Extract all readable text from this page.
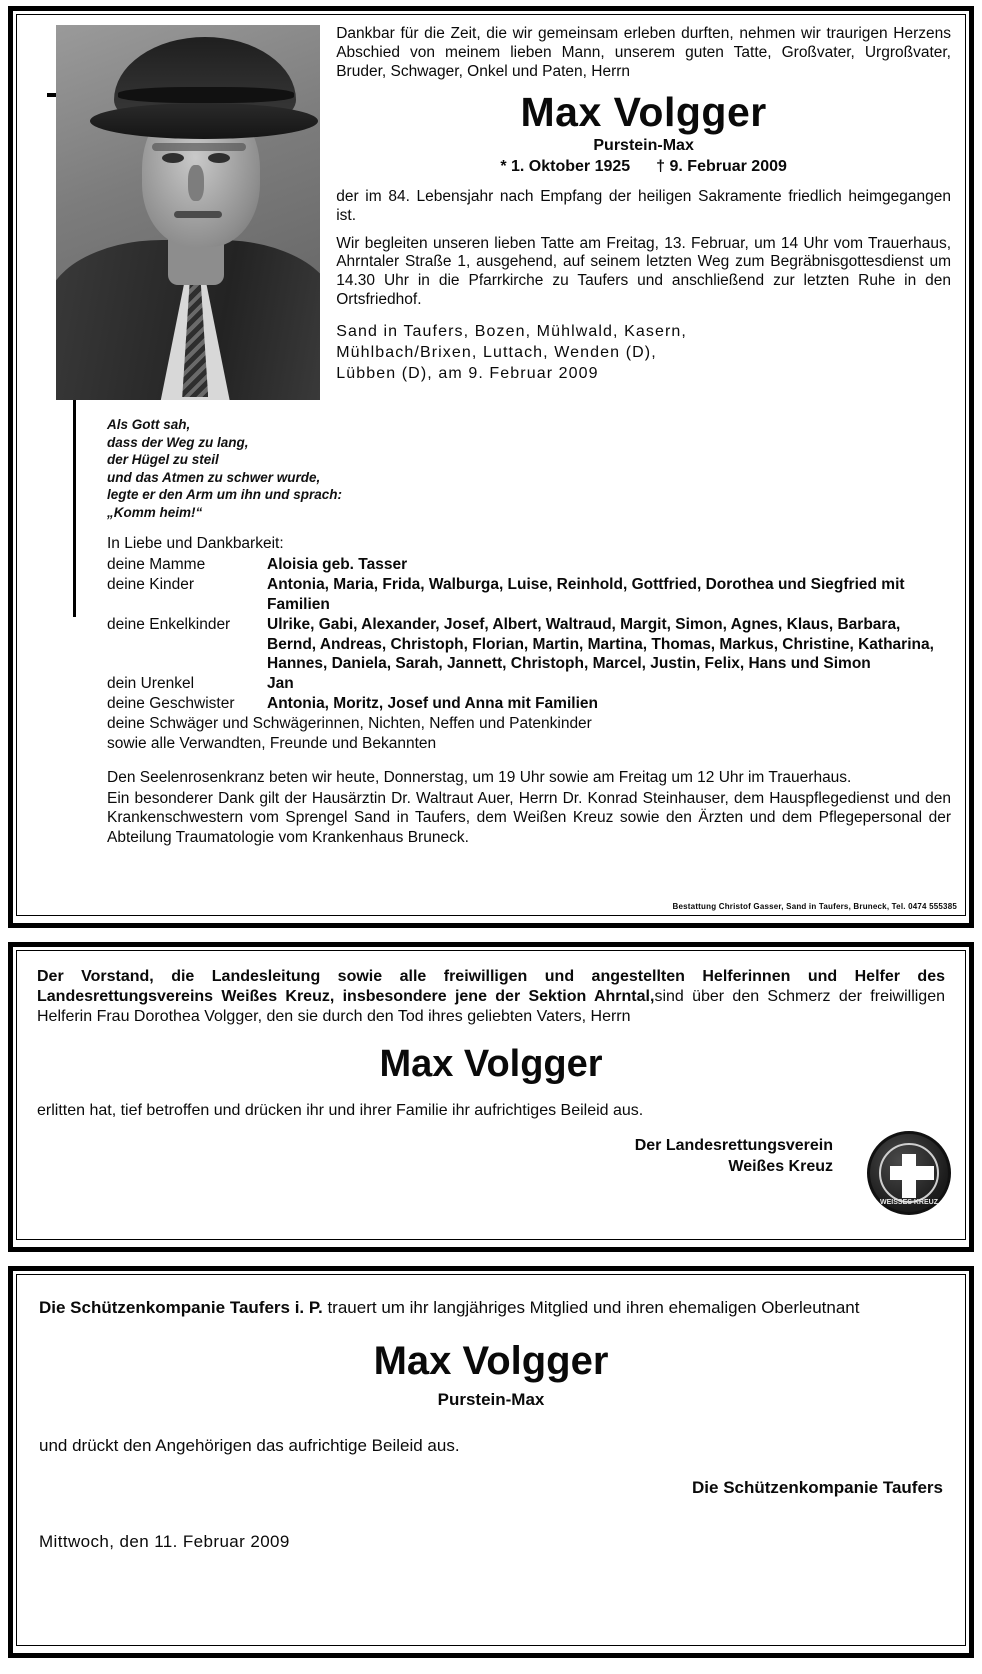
Dankbar für die Zeit, die wir gemeinsam erleben durften, nehmen wir traurigen Herzens Abschied von meinem lieben Mann, unserem guten Tatte, Großvater, Urgroßvater, Bruder, Schwager, Onkel und Paten, Herrn
Max Volgger
Purstein-Max
* 1. Oktober 1925 † 9. Februar 2009
der im 84. Lebensjahr nach Empfang der heiligen Sakramente friedlich heimgegangen ist.
Wir begleiten unseren lieben Tatte am Freitag, 13. Februar, um 14 Uhr vom Trauerhaus, Ahrntaler Straße 1, ausgehend, auf seinem letzten Weg zum Begräbnisgottesdienst um 14.30 Uhr in die Pfarrkirche zu Taufers und anschließend zur letzten Ruhe in den Ortsfriedhof.
Sand in Taufers, Bozen, Mühlwald, Kasern,
Mühlbach/Brixen, Luttach, Wenden (D),
Lübben (D), am 9. Februar 2009
Als Gott sah,
dass der Weg zu lang,
der Hügel zu steil
und das Atmen zu schwer wurde,
legte er den Arm um ihn und sprach:
„Komm heim!“
In Liebe und Dankbarkeit:
deine Mamme	Aloisia geb. Tasser
deine Kinder	Antonia, Maria, Frida, Walburga, Luise, Reinhold, Gottfried, Dorothea und Siegfried mit Familien
deine Enkelkinder	Ulrike, Gabi, Alexander, Josef, Albert, Waltraud, Margit, Simon, Agnes, Klaus, Barbara, Bernd, Andreas, Christoph, Florian, Martin, Martina, Thomas, Markus, Christine, Katharina, Hannes, Daniela, Sarah, Jannett, Christoph, Marcel, Justin, Felix, Hans und Simon
dein Urenkel	Jan
deine Geschwister	Antonia, Moritz, Josef und Anna mit Familien
deine Schwäger und Schwägerinnen, Nichten, Neffen und Patenkinder
sowie alle Verwandten, Freunde und Bekannten
Den Seelenrosenkranz beten wir heute, Donnerstag, um 19 Uhr sowie am Freitag um 12 Uhr im Trauerhaus.
Ein besonderer Dank gilt der Hausärztin Dr. Waltraut Auer, Herrn Dr. Konrad Steinhauser, dem Hauspflegedienst und den Krankenschwestern vom Sprengel Sand in Taufers, dem Weißen Kreuz sowie den Ärzten und dem Pflegepersonal der Abteilung Traumatologie vom Krankenhaus Bruneck.
Bestattung Christof Gasser, Sand in Taufers, Bruneck, Tel. 0474 555385
Der Vorstand, die Landesleitung sowie alle freiwilligen und angestellten Helferinnen und Helfer des Landesrettungsvereins Weißes Kreuz, insbesondere jene der Sektion Ahrntal,sind über den Schmerz der freiwilligen Helferin Frau Dorothea Volgger, den sie durch den Tod ihres geliebten Vaters, Herrn
Max Volgger
erlitten hat, tief betroffen und drücken ihr und ihrer Familie ihr aufrichtiges Beileid aus.
Der Landesrettungsverein
Weißes Kreuz
WEISSES KREUZ
Die Schützenkompanie Taufers i. P. trauert um ihr langjähriges Mitglied und ihren ehemaligen Oberleutnant
Max Volgger
Purstein-Max
und drückt den Angehörigen das aufrichtige Beileid aus.
Die Schützenkompanie Taufers
Mittwoch, den 11. Februar 2009
